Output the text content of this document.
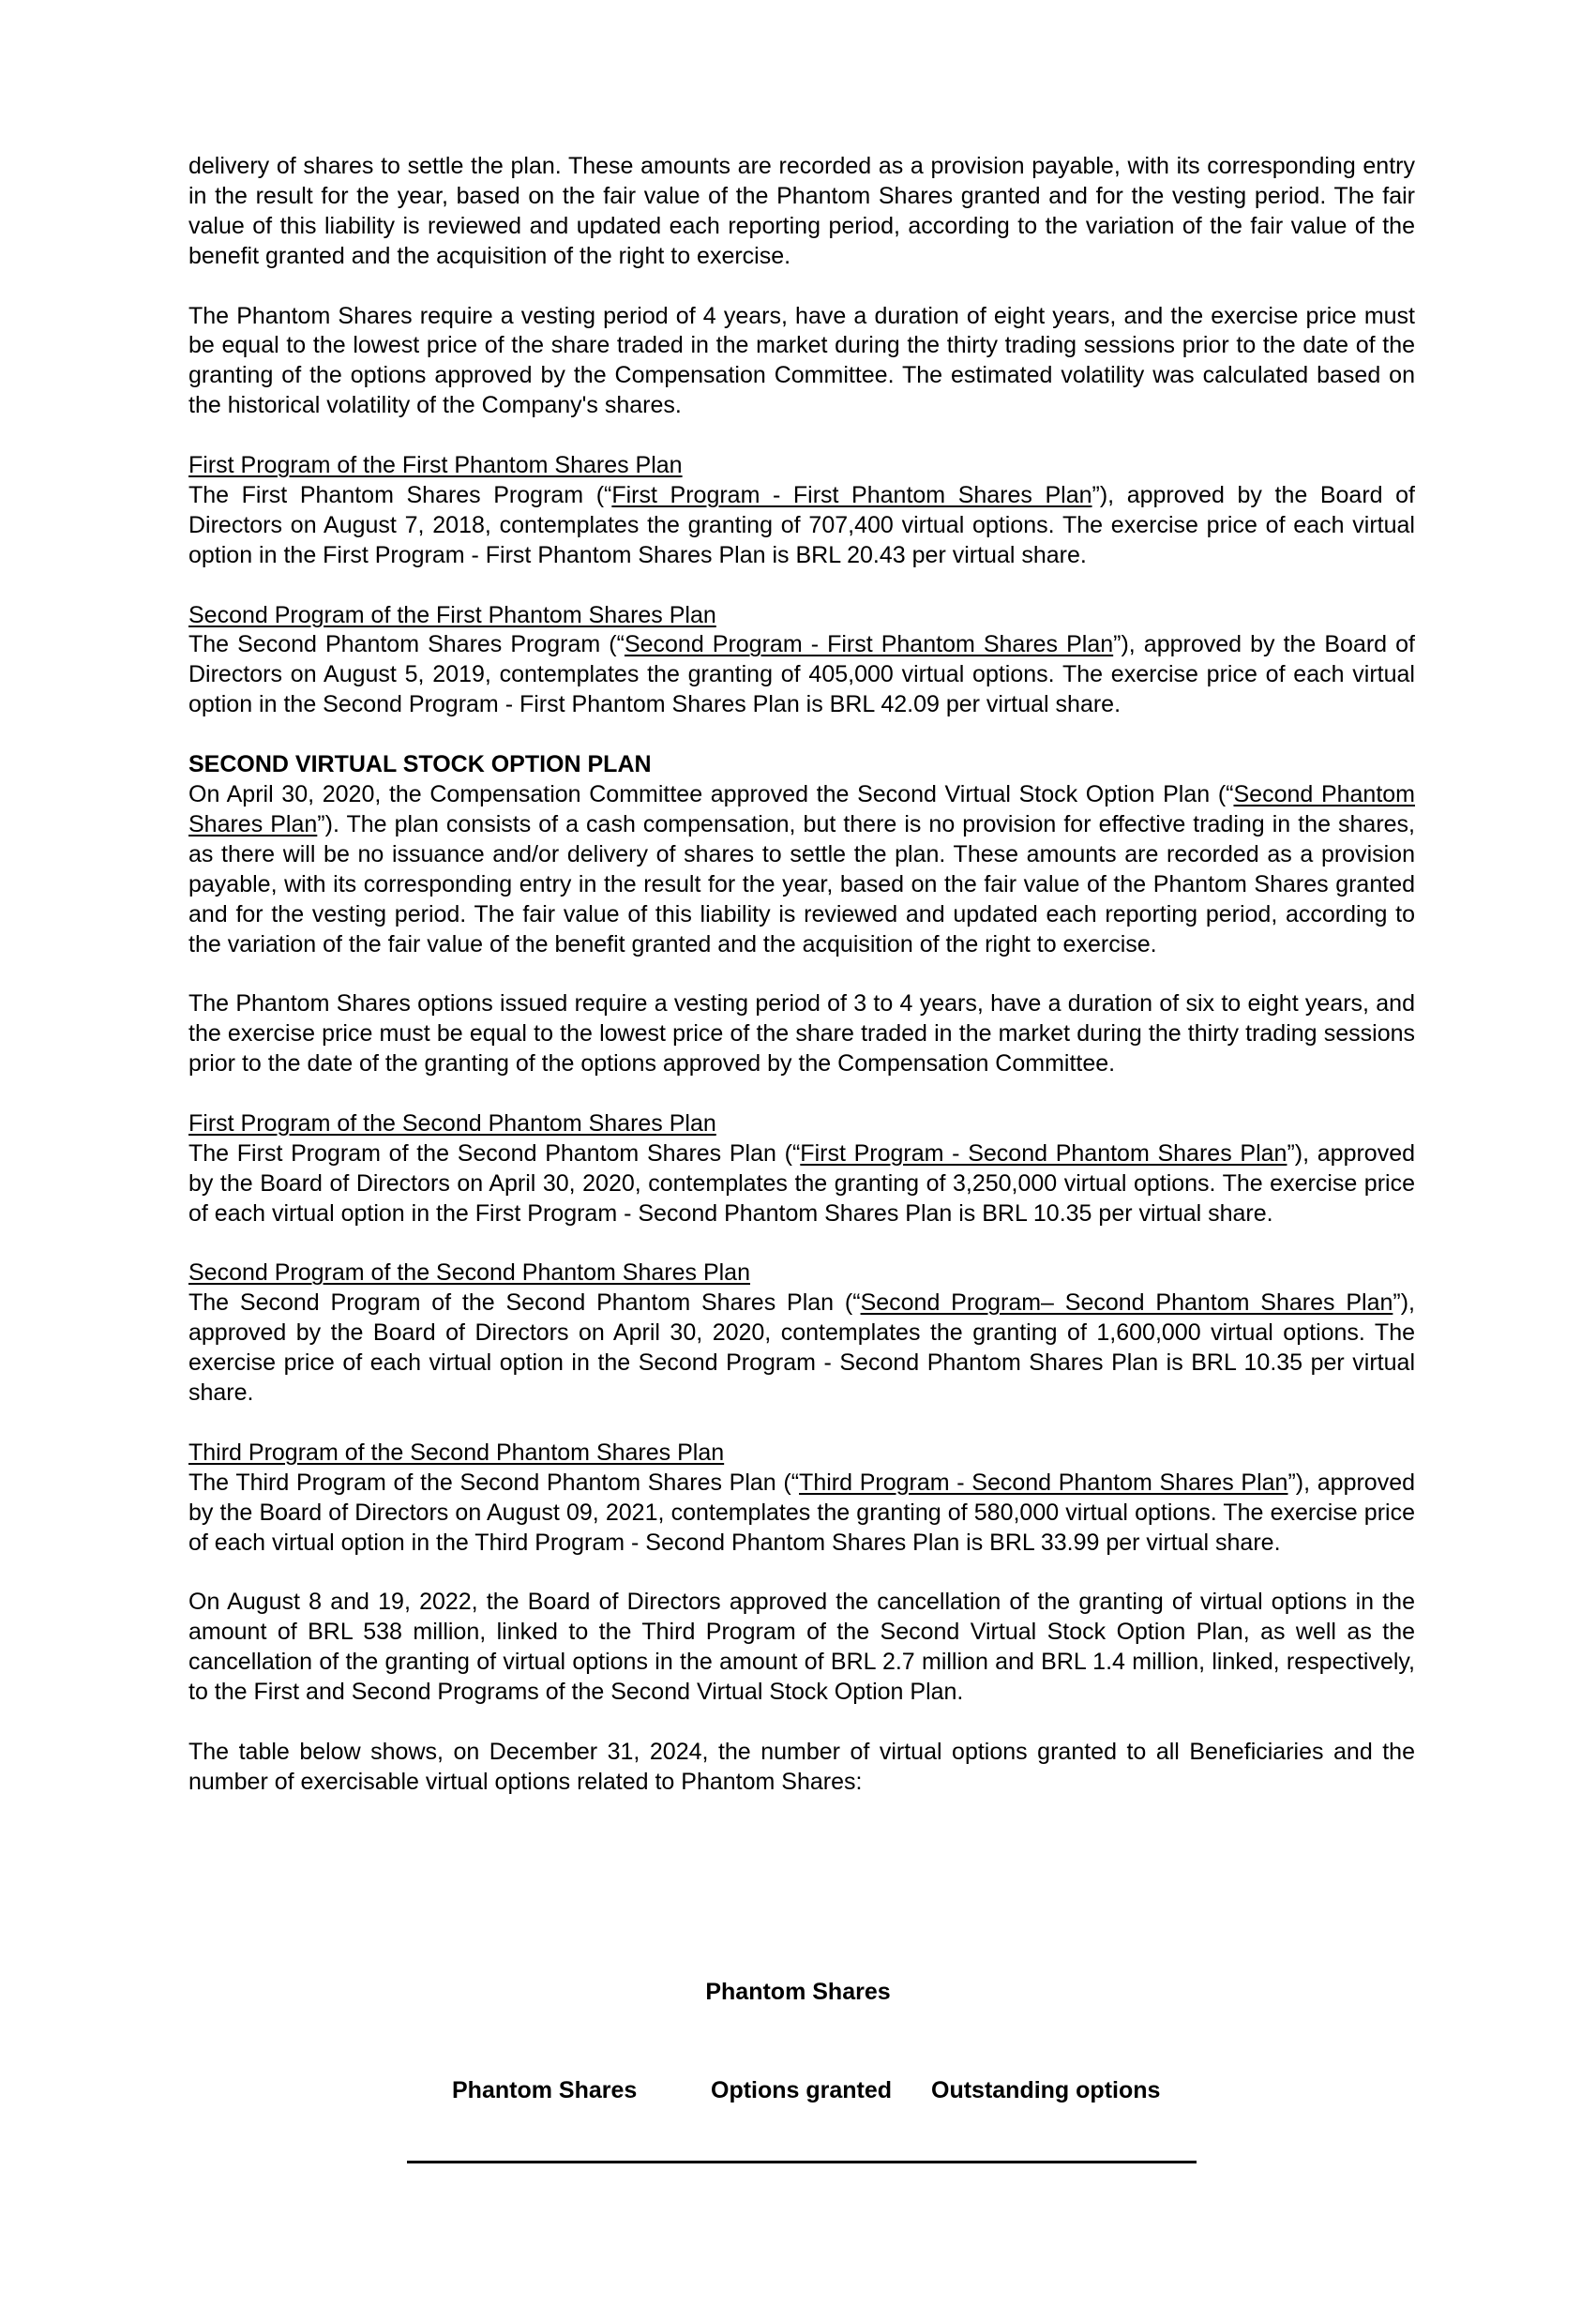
delivery of shares to settle the plan. These amounts are recorded as a provision payable, with its corresponding entry in the result for the year, based on the fair value of the Phantom Shares granted and for the vesting period. The fair value of this liability is reviewed and updated each reporting period, according to the variation of the fair value of the benefit granted and the acquisition of the right to exercise.

The Phantom Shares require a vesting period of 4 years, have a duration of eight years, and the exercise price must be equal to the lowest price of the share traded in the market during the thirty trading sessions prior to the date of the granting of the options approved by the Compensation Committee. The estimated volatility was calculated based on the historical volatility of the Company's shares.

First Program of the First Phantom Shares Plan
The First Phantom Shares Program (“First Program - First Phantom Shares Plan”), approved by the Board of Directors on August 7, 2018, contemplates the granting of 707,400 virtual options. The exercise price of each virtual option in the First Program - First Phantom Shares Plan is BRL 20.43 per virtual share.

Second Program of the First Phantom Shares Plan
The Second Phantom Shares Program (“Second Program - First Phantom Shares Plan”), approved by the Board of Directors on August 5, 2019, contemplates the granting of 405,000 virtual options. The exercise price of each virtual option in the Second Program - First Phantom Shares Plan is BRL 42.09 per virtual share.

SECOND VIRTUAL STOCK OPTION PLAN
On April 30, 2020, the Compensation Committee approved the Second Virtual Stock Option Plan (“Second Phantom Shares Plan”). The plan consists of a cash compensation, but there is no provision for effective trading in the shares, as there will be no issuance and/or delivery of shares to settle the plan. These amounts are recorded as a provision payable, with its corresponding entry in the result for the year, based on the fair value of the Phantom Shares granted and for the vesting period. The fair value of this liability is reviewed and updated each reporting period, according to the variation of the fair value of the benefit granted and the acquisition of the right to exercise.

The Phantom Shares options issued require a vesting period of 3 to 4 years, have a duration of six to eight years, and the exercise price must be equal to the lowest price of the share traded in the market during the thirty trading sessions prior to the date of the granting of the options approved by the Compensation Committee.

First Program of the Second Phantom Shares Plan
The First Program of the Second Phantom Shares Plan (“First Program - Second Phantom Shares Plan”), approved by the Board of Directors on April 30, 2020, contemplates the granting of 3,250,000 virtual options. The exercise price of each virtual option in the First Program - Second Phantom Shares Plan is BRL 10.35 per virtual share.

Second Program of the Second Phantom Shares Plan
The Second Program of the Second Phantom Shares Plan (“Second Program– Second Phantom Shares Plan”), approved by the Board of Directors on April 30, 2020, contemplates the granting of 1,600,000 virtual options. The exercise price of each virtual option in the Second Program - Second Phantom Shares Plan is BRL 10.35 per virtual share.

Third Program of the Second Phantom Shares Plan
The Third Program of the Second Phantom Shares Plan (“Third Program - Second Phantom Shares Plan”), approved by the Board of Directors on August 09, 2021, contemplates the granting of 580,000 virtual options. The exercise price of each virtual option in the Third Program - Second Phantom Shares Plan is BRL 33.99 per virtual share.

On August 8 and 19, 2022, the Board of Directors approved the cancellation of the granting of virtual options in the amount of BRL 538 million, linked to the Third Program of the Second Virtual Stock Option Plan, as well as the cancellation of the granting of virtual options in the amount of BRL 2.7 million and BRL 1.4 million, linked, respectively, to the First and Second Programs of the Second Virtual Stock Option Plan.

The table below shows, on December 31, 2024, the number of virtual options granted to all Beneficiaries and the number of exercisable virtual options related to Phantom Shares:

Phantom Shares
Phantom Shares	Options granted Outstanding options
